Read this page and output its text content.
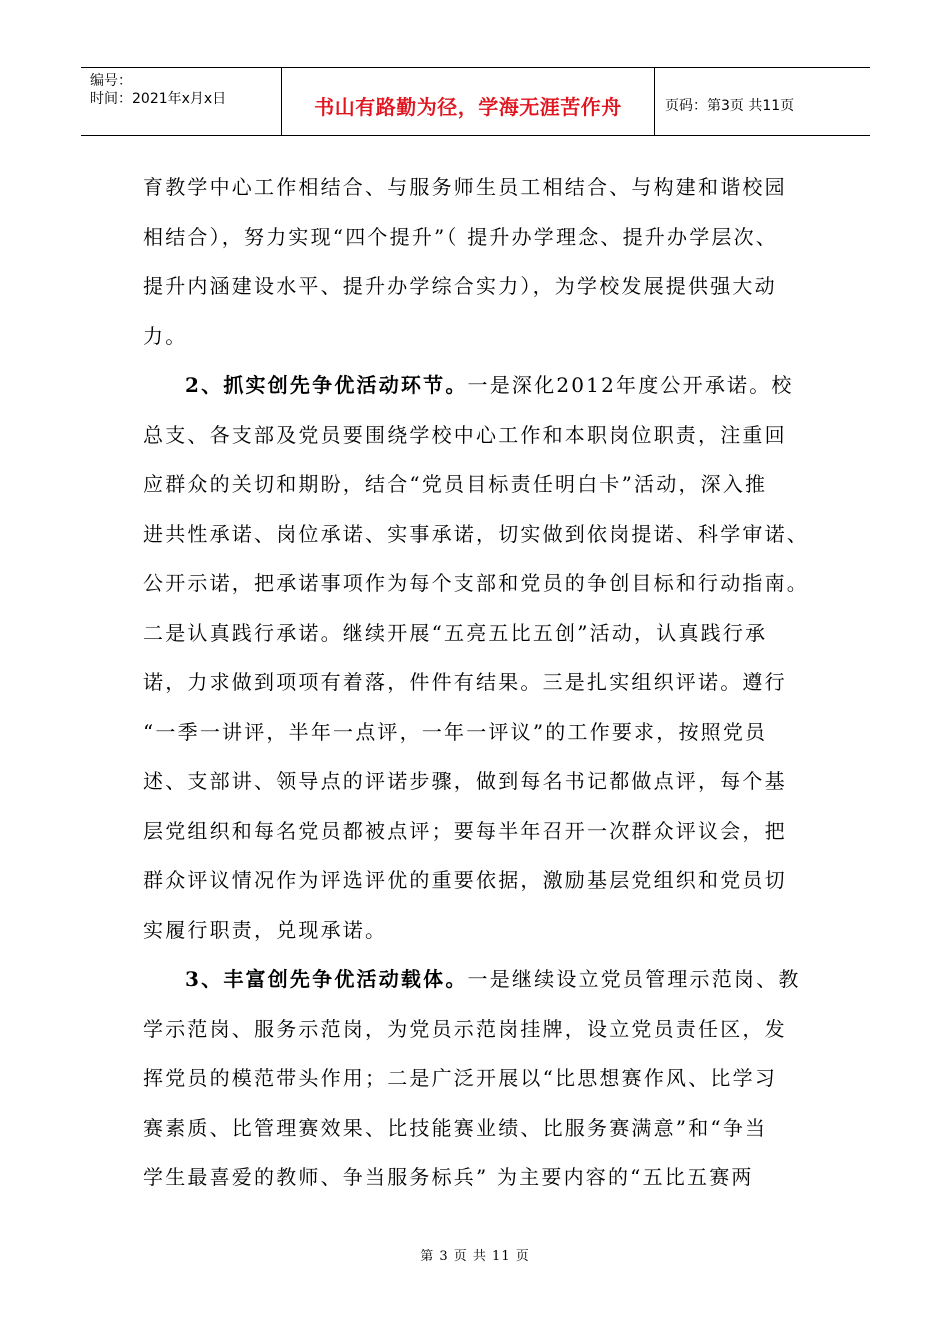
编号：
时间：2021年x月x日	书山有路勤为径，学海无涯苦作舟	页码：第3页 共11页
育教学中心工作相结合、与服务师生员工相结合、与构建和谐校园
相结合），努力实现“四个提升”（ 提升办学理念、提升办学层次、
提升内涵建设水平、提升办学综合实力），为学校发展提供强大动
力。
2、抓实创先争优活动环节。一是深化2012年度公开承诺。校
总支、各支部及党员要围绕学校中心工作和本职岗位职责，注重回
应群众的关切和期盼，结合“党员目标责任明白卡”活动，深入推
进共性承诺、岗位承诺、实事承诺，切实做到依岗提诺、科学审诺、
公开示诺，把承诺事项作为每个支部和党员的争创目标和行动指南。
二是认真践行承诺。继续开展“五亮五比五创”活动，认真践行承
诺，力求做到项项有着落，件件有结果。三是扎实组织评诺。遵行
“一季一讲评，半年一点评，一年一评议”的工作要求，按照党员
述、支部讲、领导点的评诺步骤，做到每名书记都做点评，每个基
层党组织和每名党员都被点评；要每半年召开一次群众评议会，把
群众评议情况作为评选评优的重要依据，激励基层党组织和党员切
实履行职责，兑现承诺。
3、丰富创先争优活动载体。一是继续设立党员管理示范岗、教
学示范岗、服务示范岗，为党员示范岗挂牌，设立党员责任区，发
挥党员的模范带头作用；二是广泛开展以“比思想赛作风、比学习
赛素质、比管理赛效果、比技能赛业绩、比服务赛满意”和“争当
学生最喜爱的教师、争当服务标兵” 为主要内容的“五比五赛两
第 3 页 共 11 页
